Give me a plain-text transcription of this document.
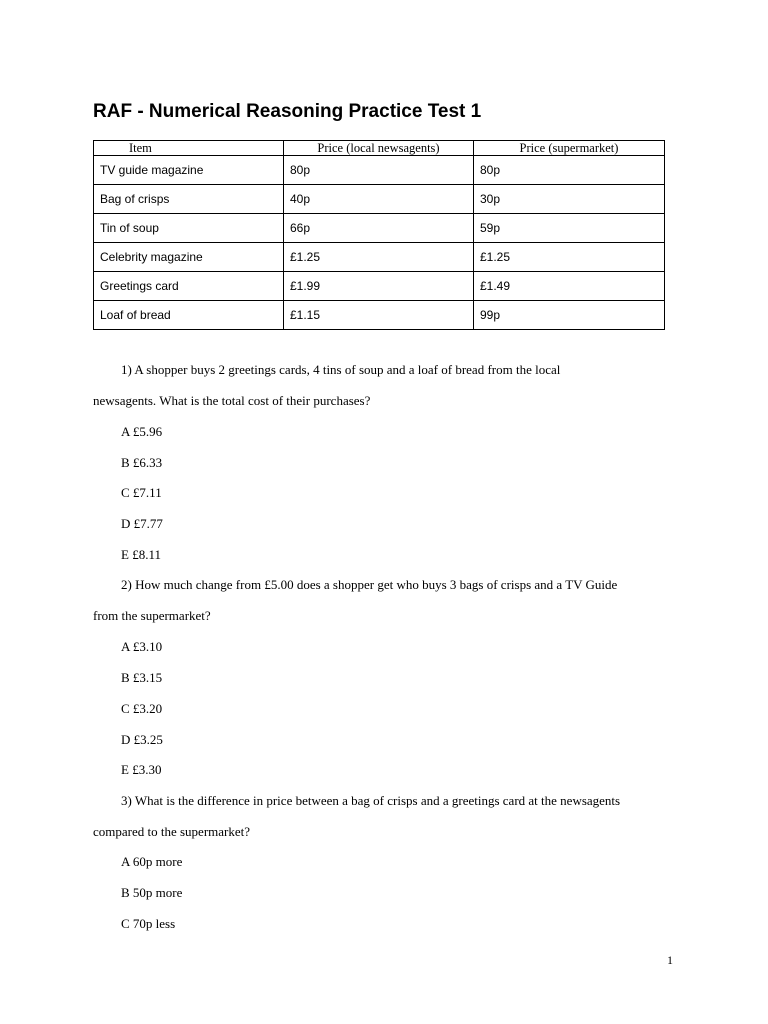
RAF - Numerical Reasoning Practice Test 1
Item	Price (local newsagents)	Price (supermarket)
TV guide magazine	80p	80p
Bag of crisps	40p	30p
Tin of soup	66p	59p
Celebrity magazine	£1.25	£1.25
Greetings card	£1.99	£1.49
Loaf of bread	£1.15	99p
1) A shopper buys 2 greetings cards, 4 tins of soup and a loaf of bread from the local
newsagents. What is the total cost of their purchases?
A £5.96
B £6.33
C £7.11
D £7.77
E £8.11
2) How much change from £5.00 does a shopper get who buys 3 bags of crisps and a TV Guide
from the supermarket?
A £3.10
B £3.15
C £3.20
D £3.25
E £3.30
3) What is the difference in price between a bag of crisps and a greetings card at the newsagents
compared to the supermarket?
A 60p more
B 50p more
C 70p less
1
